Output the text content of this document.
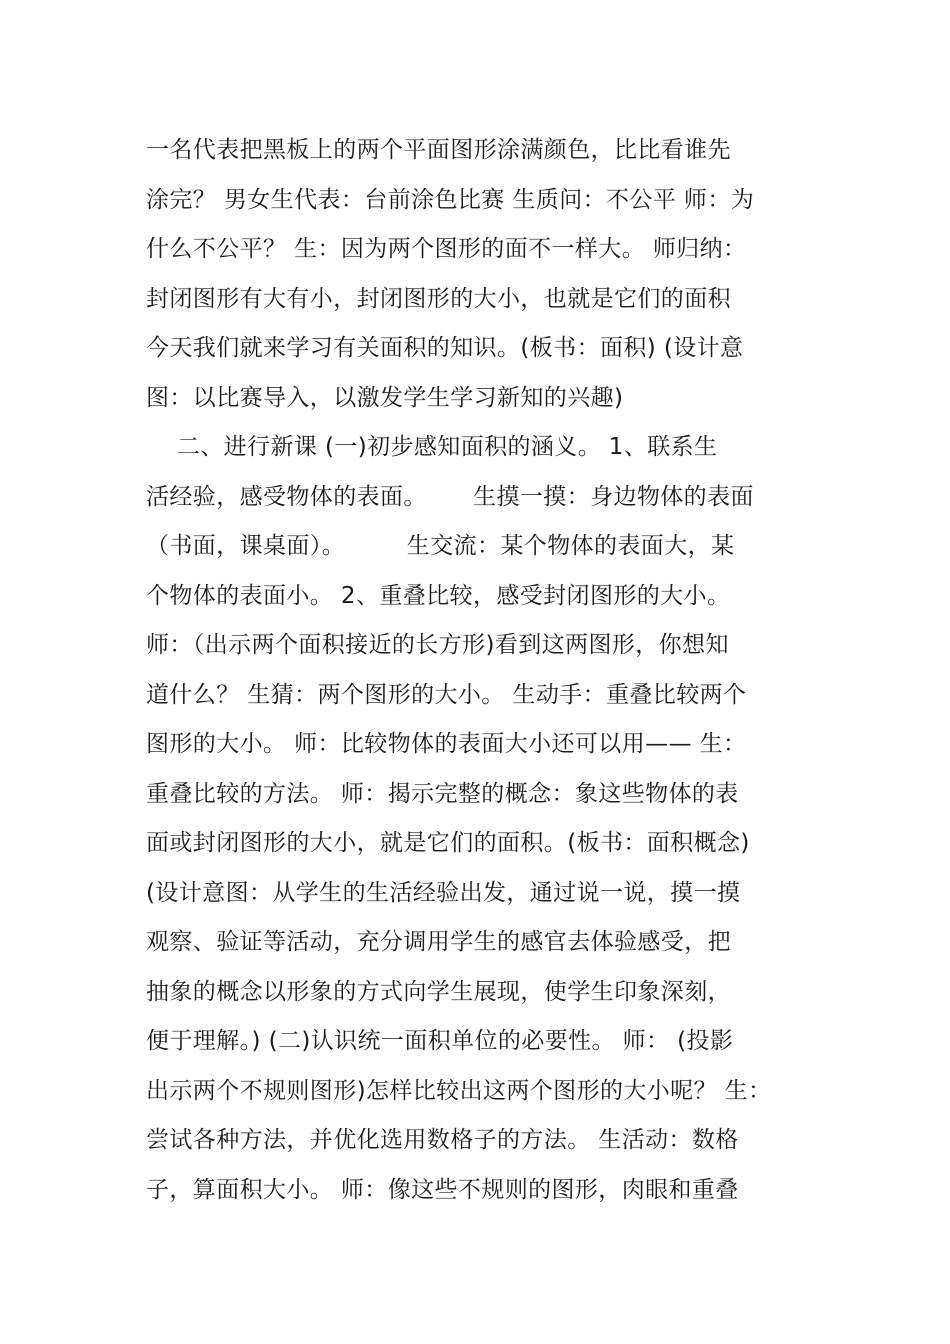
一名代表把黑板上的两个平面图形涂满颜色，比比看谁先
涂完？ 男女生代表：台前涂色比赛 生质问：不公平 师：为
什么不公平？ 生：因为两个图形的面不一样大。 师归纳：
封闭图形有大有小，封闭图形的大小，也就是它们的面积
今天我们就来学习有关面积的知识。(板书：面积) (设计意
图：以比赛导入，以激发学生学习新知的兴趣)
二、进行新课 (一)初步感知面积的涵义。 1、联系生
活经验，感受物体的表面。      生摸一摸：身边物体的表面
（书面，课桌面）。        生交流：某个物体的表面大，某
个物体的表面小。 2、重叠比较，感受封闭图形的大小。
师：（出示两个面积接近的长方形)看到这两图形，你想知
道什么？ 生猜：两个图形的大小。 生动手：重叠比较两个
图形的大小。 师：比较物体的表面大小还可以用—— 生：
重叠比较的方法。 师：揭示完整的概念：象这些物体的表
面或封闭图形的大小，就是它们的面积。(板书：面积概念)
(设计意图：从学生的生活经验出发，通过说一说，摸一摸
观察、验证等活动，充分调用学生的感官去体验感受，把
抽象的概念以形象的方式向学生展现，使学生印象深刻，
便于理解。) (二)认识统一面积单位的必要性。 师： (投影
出示两个不规则图形)怎样比较出这两个图形的大小呢？ 生：
尝试各种方法，并优化选用数格子的方法。 生活动：数格
子，算面积大小。 师：像这些不规则的图形，肉眼和重叠
